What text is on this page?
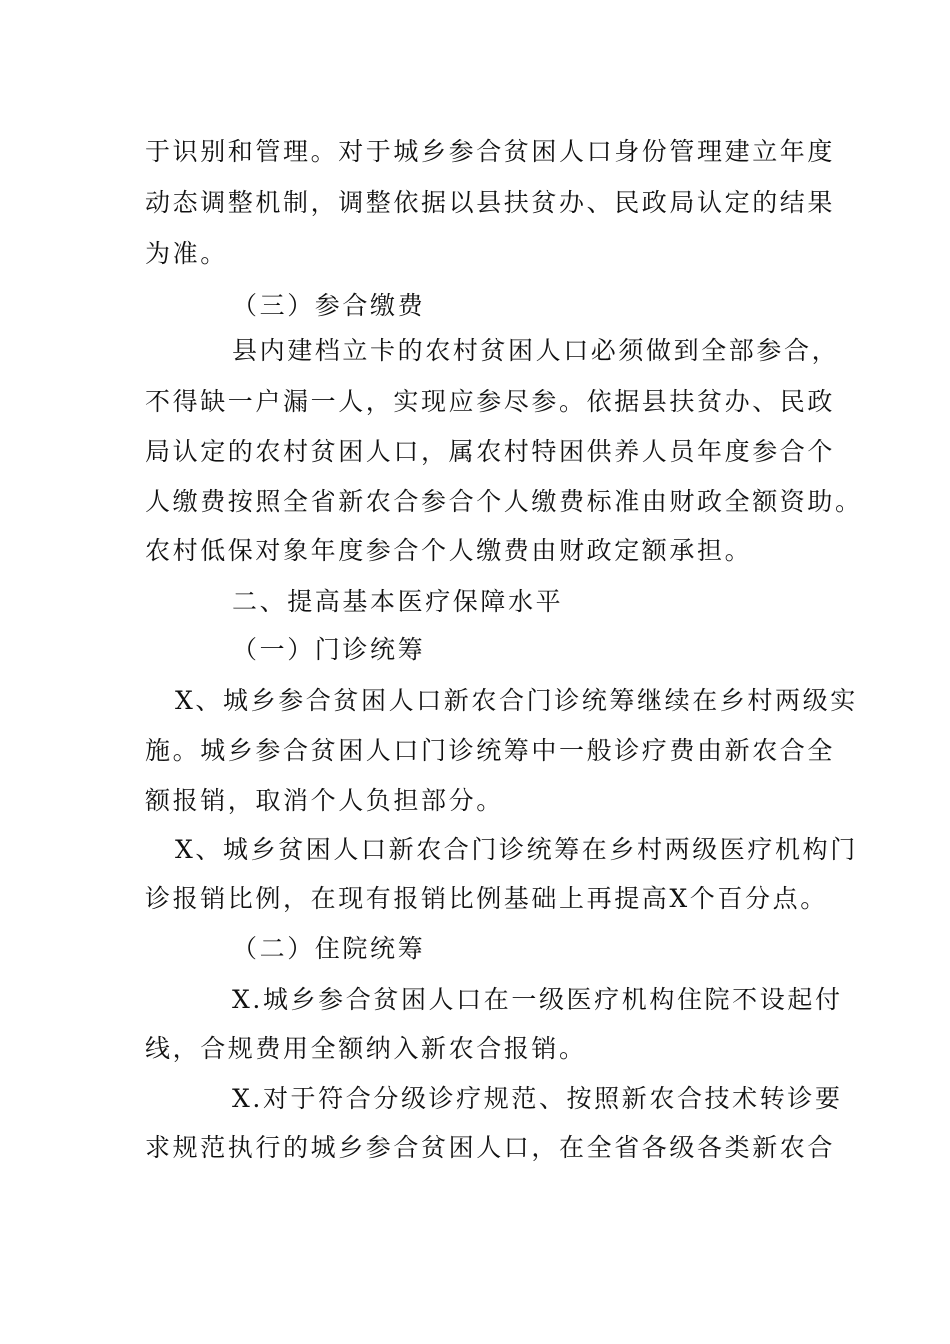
于识别和管理。对于城乡参合贫困人口身份管理建立年度
动态调整机制，调整依据以县扶贫办、民政局认定的结果
为准。
（三）参合缴费
县内建档立卡的农村贫困人口必须做到全部参合，
不得缺一户漏一人，实现应参尽参。依据县扶贫办、民政
局认定的农村贫困人口，属农村特困供养人员年度参合个
人缴费按照全省新农合参合个人缴费标准由财政全额资助。
农村低保对象年度参合个人缴费由财政定额承担。
二、提高基本医疗保障水平
（一）门诊统筹
X、城乡参合贫困人口新农合门诊统筹继续在乡村两级实
施。城乡参合贫困人口门诊统筹中一般诊疗费由新农合全
额报销，取消个人负担部分。
X、城乡贫困人口新农合门诊统筹在乡村两级医疗机构门
诊报销比例，在现有报销比例基础上再提高X个百分点。
（二）住院统筹
X.城乡参合贫困人口在一级医疗机构住院不设起付
线，合规费用全额纳入新农合报销。
X.对于符合分级诊疗规范、按照新农合技术转诊要
求规范执行的城乡参合贫困人口，在全省各级各类新农合
